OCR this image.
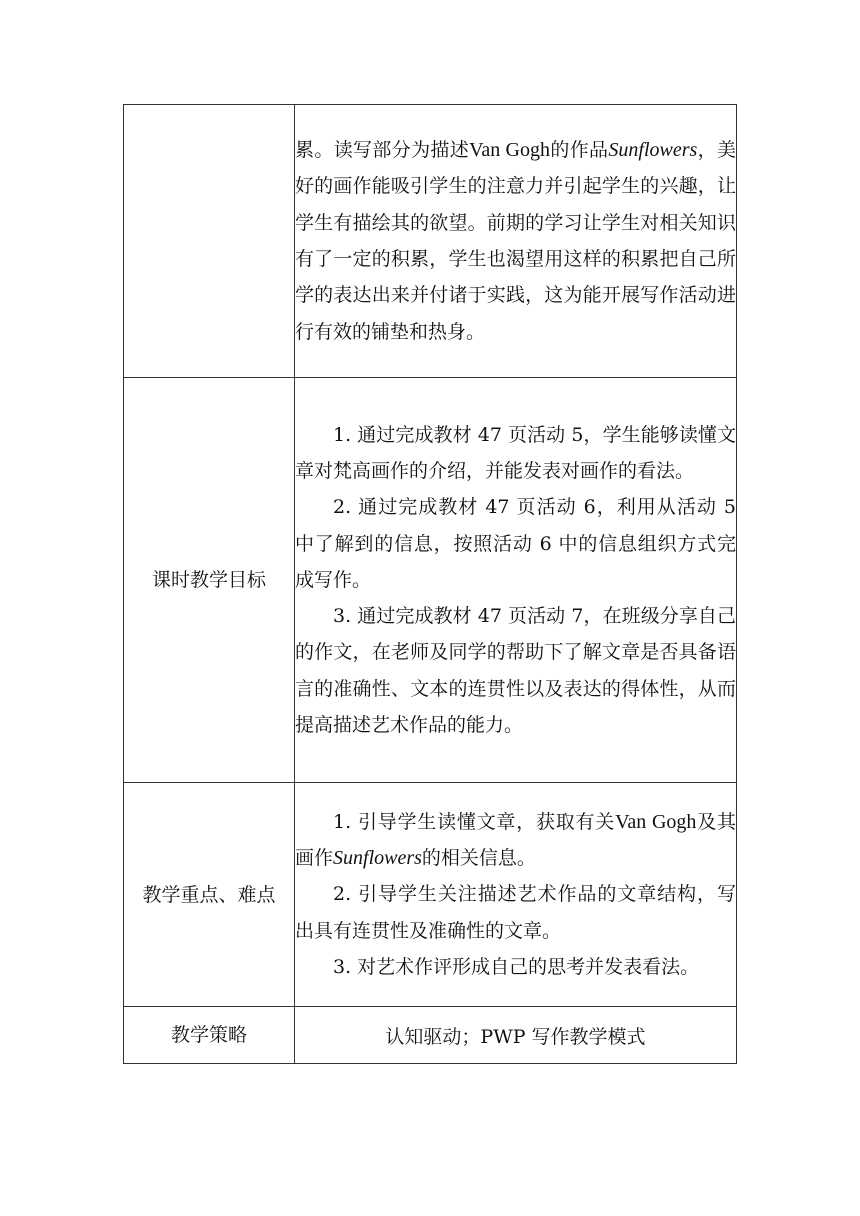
	累。读写部分为描述Van Gogh的作品Sunflowers，美好的画作能吸引学生的注意力并引起学生的兴趣，让学生有描绘其的欲望。前期的学习让学生对相关知识有了一定的积累，学生也渴望用这样的积累把自己所学的表达出来并付诸于实践，这为能开展写作活动进行有效的铺垫和热身。

课时教学目标	1. 通过完成教材 47 页活动 5，学生能够读懂文章对梵高画作的介绍，并能发表对画作的看法。

2. 通过完成教材 47 页活动 6，利用从活动 5 中了解到的信息，按照活动 6 中的信息组织方式完成写作。

3. 通过完成教材 47 页活动 7，在班级分享自己的作文，在老师及同学的帮助下了解文章是否具备语言的准确性、文本的连贯性以及表达的得体性，从而提高描述艺术作品的能力。

教学重点、难点	1. 引导学生读懂文章，获取有关Van Gogh及其画作Sunflowers的相关信息。

2. 引导学生关注描述艺术作品的文章结构，写出具有连贯性及准确性的文章。

3. 对艺术作评形成自己的思考并发表看法。

教学策略	认知驱动；PWP 写作教学模式
